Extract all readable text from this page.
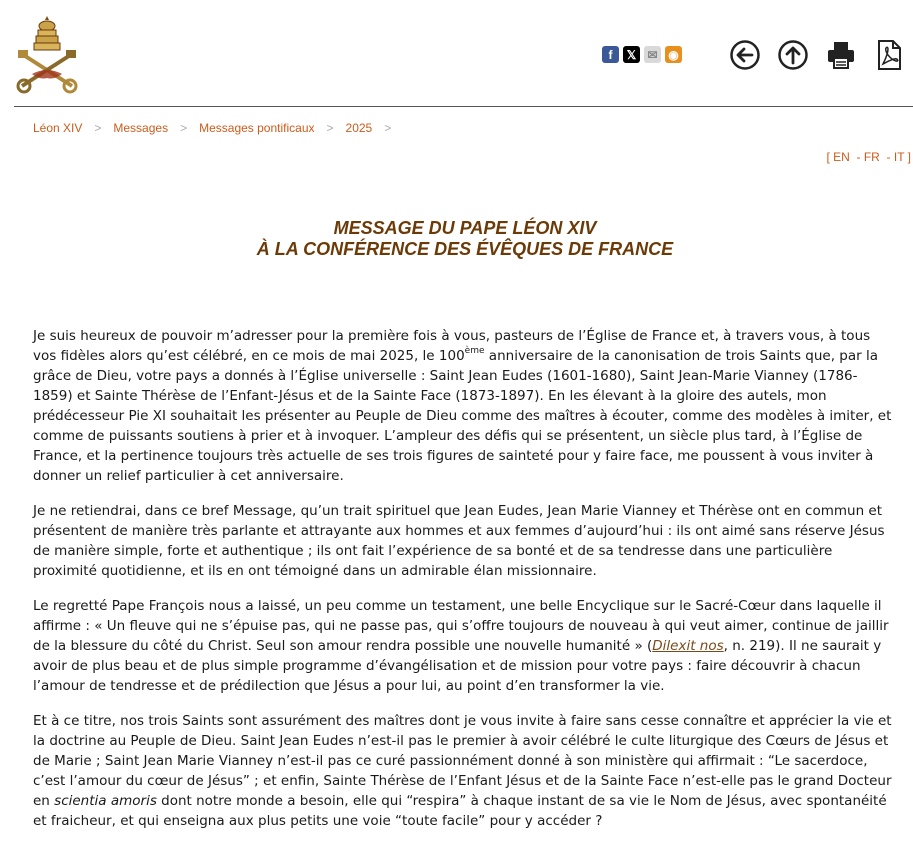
f	𝕏 ✉ ◉
Léon XIV > Messages > Messages pontificaux > 2025 >
[ EN  - FR  - IT ]
MESSAGE DU PAPE LÉON XIV
À LA CONFÉRENCE DES ÉVÊQUES DE FRANCE

Je suis heureux de pouvoir m’adresser pour la première fois à vous, pasteurs de l’Église de France et, à travers vous, à tous vos fidèles alors qu’est célébré, en ce mois de mai 2025, le 100ème anniversaire de la canonisation de trois Saints que, par la grâce de Dieu, votre pays a donnés à l’Église universelle : Saint Jean Eudes (1601-1680), Saint Jean-Marie Vianney (1786-1859) et Sainte Thérèse de l’Enfant-Jésus et de la Sainte Face (1873-1897). En les élevant à la gloire des autels, mon prédécesseur Pie XI souhaitait les présenter au Peuple de Dieu comme des maîtres à écouter, comme des modèles à imiter, et comme de puissants soutiens à prier et à invoquer. L’ampleur des défis qui se présentent, un siècle plus tard, à l’Église de France, et la pertinence toujours très actuelle de ses trois figures de sainteté pour y faire face, me poussent à vous inviter à donner un relief particulier à cet anniversaire.

Je ne retiendrai, dans ce bref Message, qu’un trait spirituel que Jean Eudes, Jean Marie Vianney et Thérèse ont en commun et présentent de manière très parlante et attrayante aux hommes et aux femmes d’aujourd’hui : ils ont aimé sans réserve Jésus de manière simple, forte et authentique ; ils ont fait l’expérience de sa bonté et de sa tendresse dans une particulière proximité quotidienne, et ils en ont témoigné dans un admirable élan missionnaire.

Le regretté Pape François nous a laissé, un peu comme un testament, une belle Encyclique sur le Sacré-Cœur dans laquelle il affirme : « Un fleuve qui ne s’épuise pas, qui ne passe pas, qui s’offre toujours de nouveau à qui veut aimer, continue de jaillir de la blessure du côté du Christ. Seul son amour rendra possible une nouvelle humanité » (Dilexit nos, n. 219). Il ne saurait y avoir de plus beau et de plus simple programme d’évangélisation et de mission pour votre pays : faire découvrir à chacun l’amour de tendresse et de prédilection que Jésus a pour lui, au point d’en transformer la vie.

Et à ce titre, nos trois Saints sont assurément des maîtres dont je vous invite à faire sans cesse connaître et apprécier la vie et la doctrine au Peuple de Dieu. Saint Jean Eudes n’est-il pas le premier à avoir célébré le culte liturgique des Cœurs de Jésus et de Marie ; Saint Jean Marie Vianney n’est-il pas ce curé passionnément donné à son ministère qui affirmait : “Le sacerdoce, c’est l’amour du cœur de Jésus” ; et enfin, Sainte Thérèse de l’Enfant Jésus et de la Sainte Face n’est-elle pas le grand Docteur en scientia amoris dont notre monde a besoin, elle qui “respira” à chaque instant de sa vie le Nom de Jésus, avec spontanéité et fraicheur, et qui enseigna aux plus petits une voie “toute facile” pour y accéder ?
